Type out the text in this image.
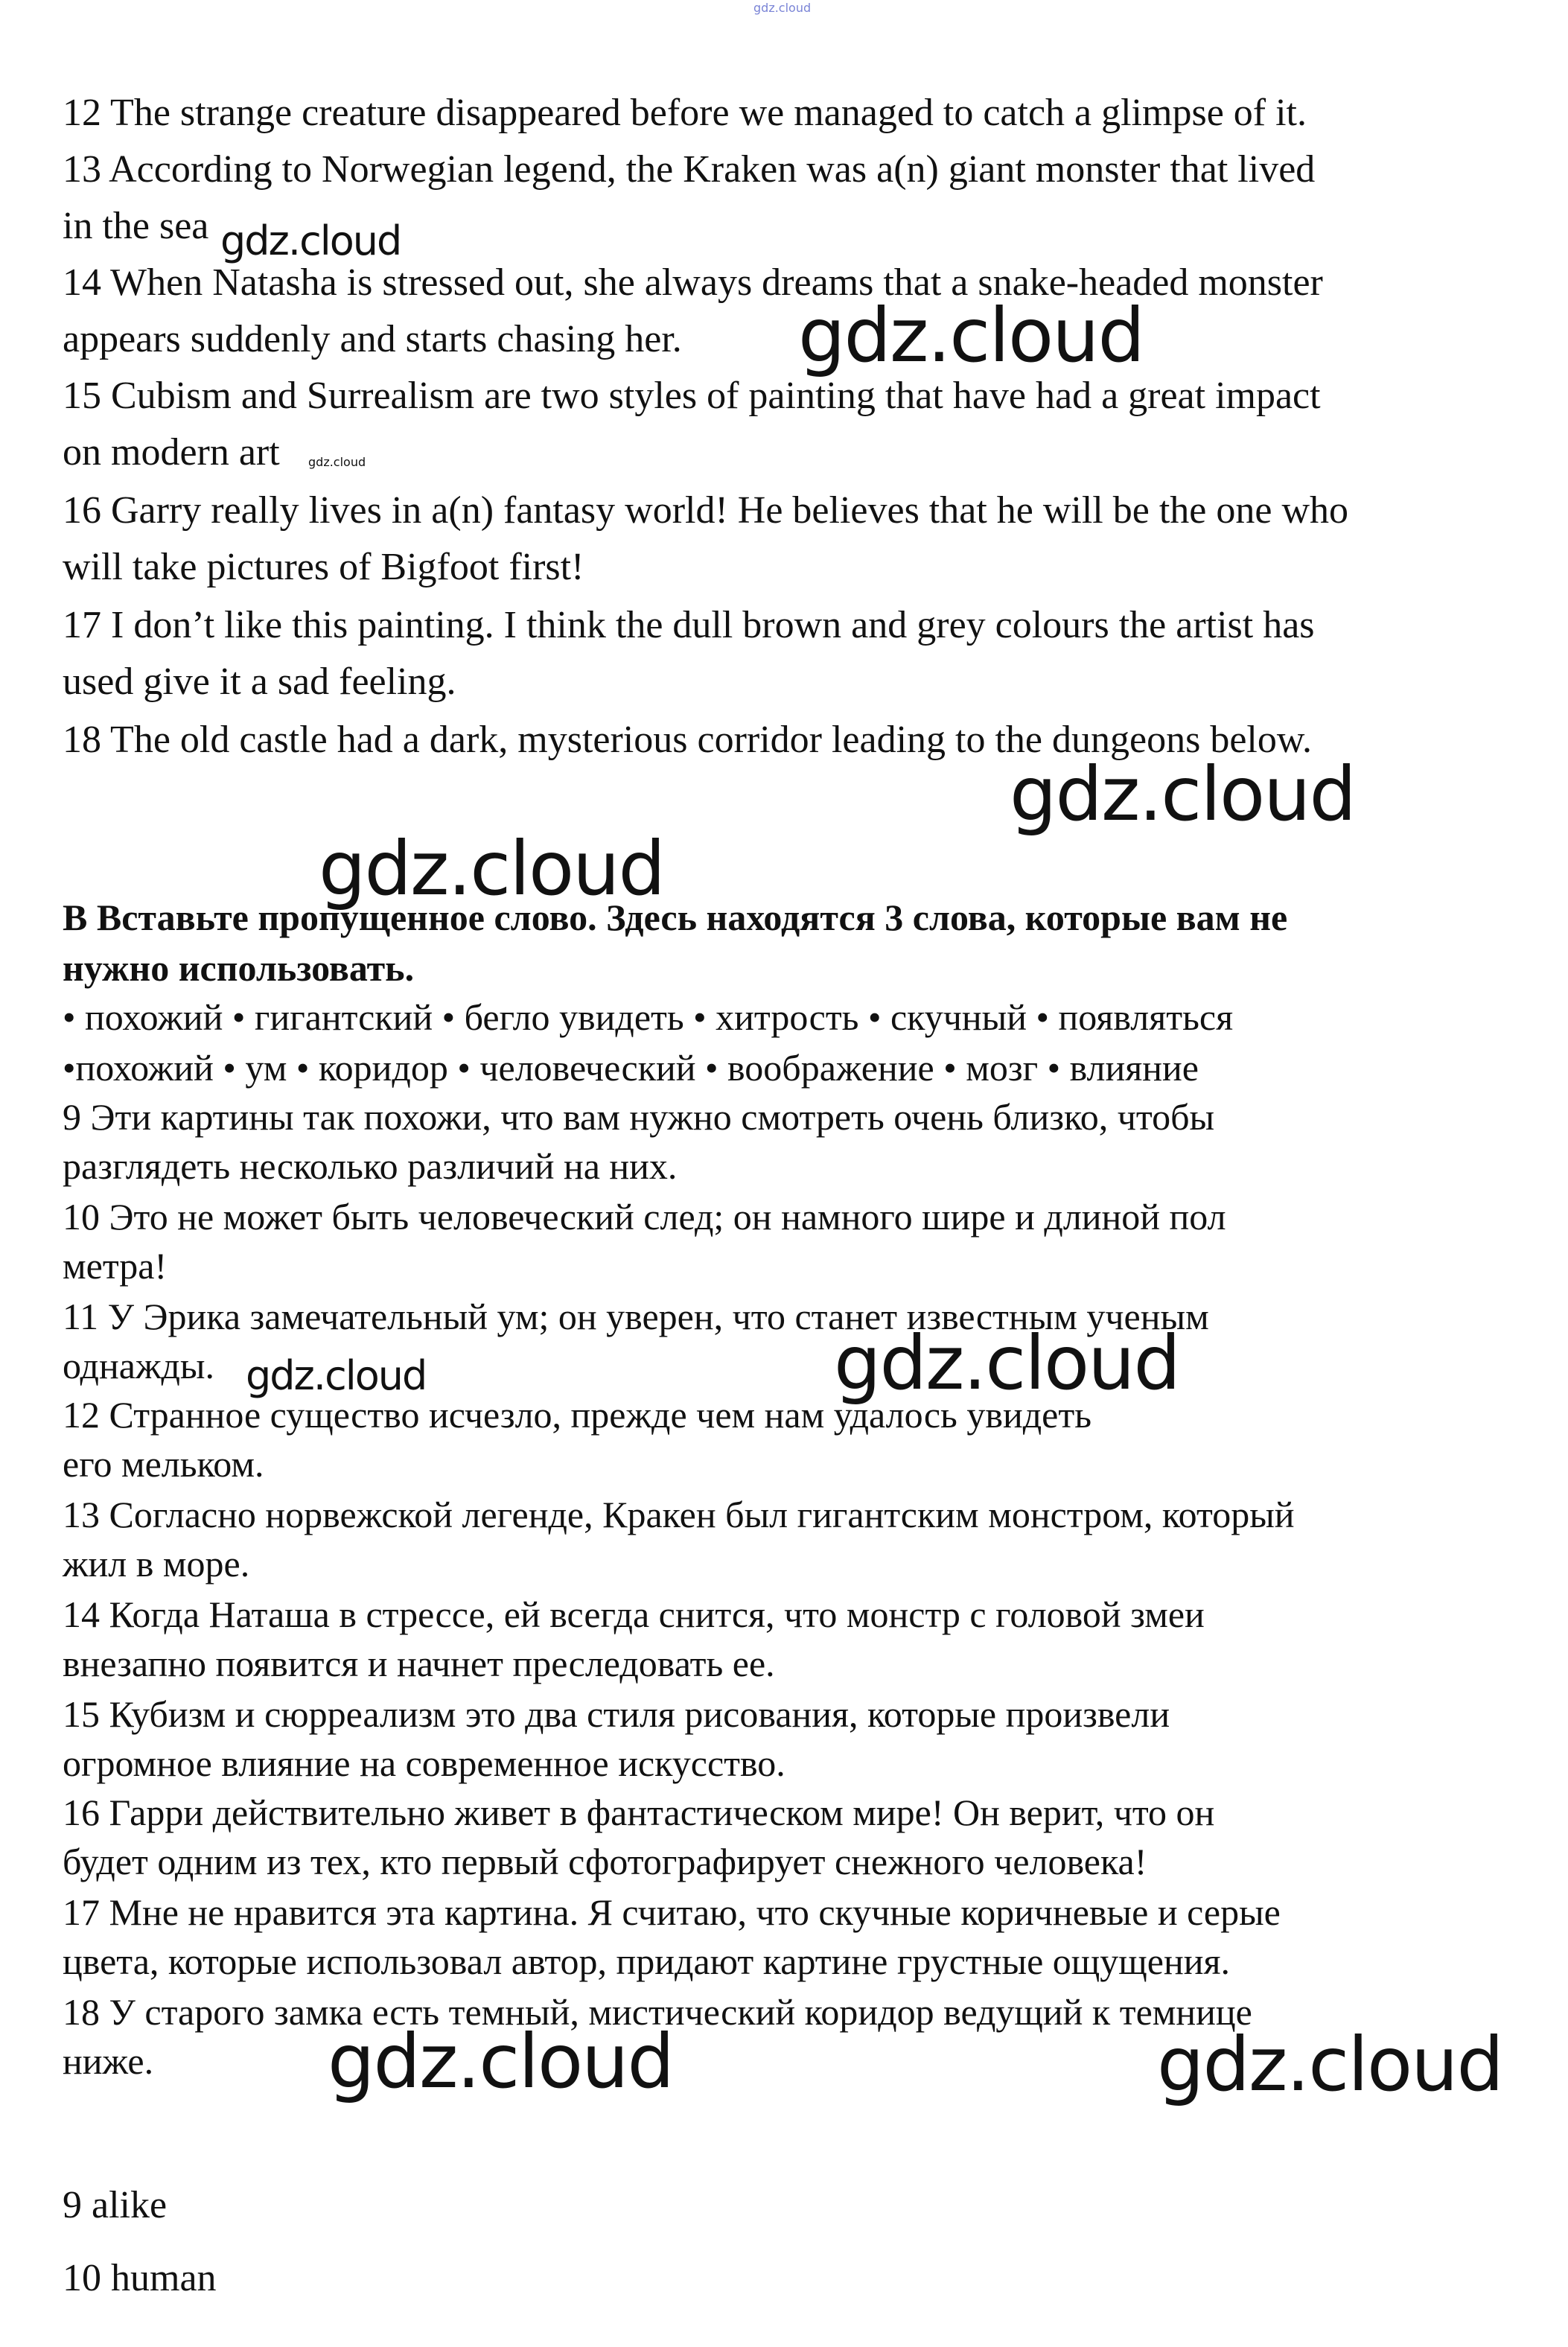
gdz.cloud
12 The strange creature disappeared before we managed to catch a glimpse of it.
13 According to Norwegian legend, the Kraken was a(n) giant monster that lived
in the sea
14 When Natasha is stressed out, she always dreams that a snake-headed monster
appears suddenly and starts chasing her.
15 Cubism and Surrealism are two styles of painting that have had a great impact
on modern art
16 Garry really lives in a(n) fantasy world! He believes that he will be the one who
will take pictures of Bigfoot first!
17 I don’t like this painting. I think the dull brown and grey colours the artist has
used give it a sad feeling.
18 The old castle had a dark, mysterious corridor leading to the dungeons below.
gdz.cloud
gdz.cloud
gdz.cloud
gdz.cloud
gdz.cloud
В Вставьте пропущенное слово. Здесь находятся 3 слова, которые вам не
нужно использовать.
• похожий • гигантский • бегло увидеть • хитрость • скучный • появляться
•похожий • ум • коридор • человеческий • воображение • мозг • влияние
9 Эти картины так похожи, что вам нужно смотреть очень близко, чтобы
разглядеть несколько различий на них.
10 Это не может быть человеческий след; он намного шире и длиной пол
метра!
11 У Эрика замечательный ум; он уверен, что станет известным ученым
однажды.
12 Странное существо исчезло, прежде чем нам удалось увидеть
его мельком.
13 Согласно норвежской легенде, Кракен был гигантским монстром, который
жил в море.
14 Когда Наташа в стрессе, ей всегда снится, что монстр с головой змеи
внезапно появится и начнет преследовать ее.
15 Кубизм и сюрреализм это два стиля рисования, которые произвели
огромное влияние на современное искусство.
16 Гарри действительно живет в фантастическом мире! Он верит, что он
будет одним из тех, кто первый сфотографирует снежного человека!
17 Мне не нравится эта картина. Я считаю, что скучные коричневые и серые
цвета, которые использовал автор, придают картине грустные ощущения.
18 У старого замка есть темный, мистический коридор ведущий к темнице
ниже.
gdz.cloud	gdz.cloud
gdz.cloud	gdz.cloud
9 alike
10 human
